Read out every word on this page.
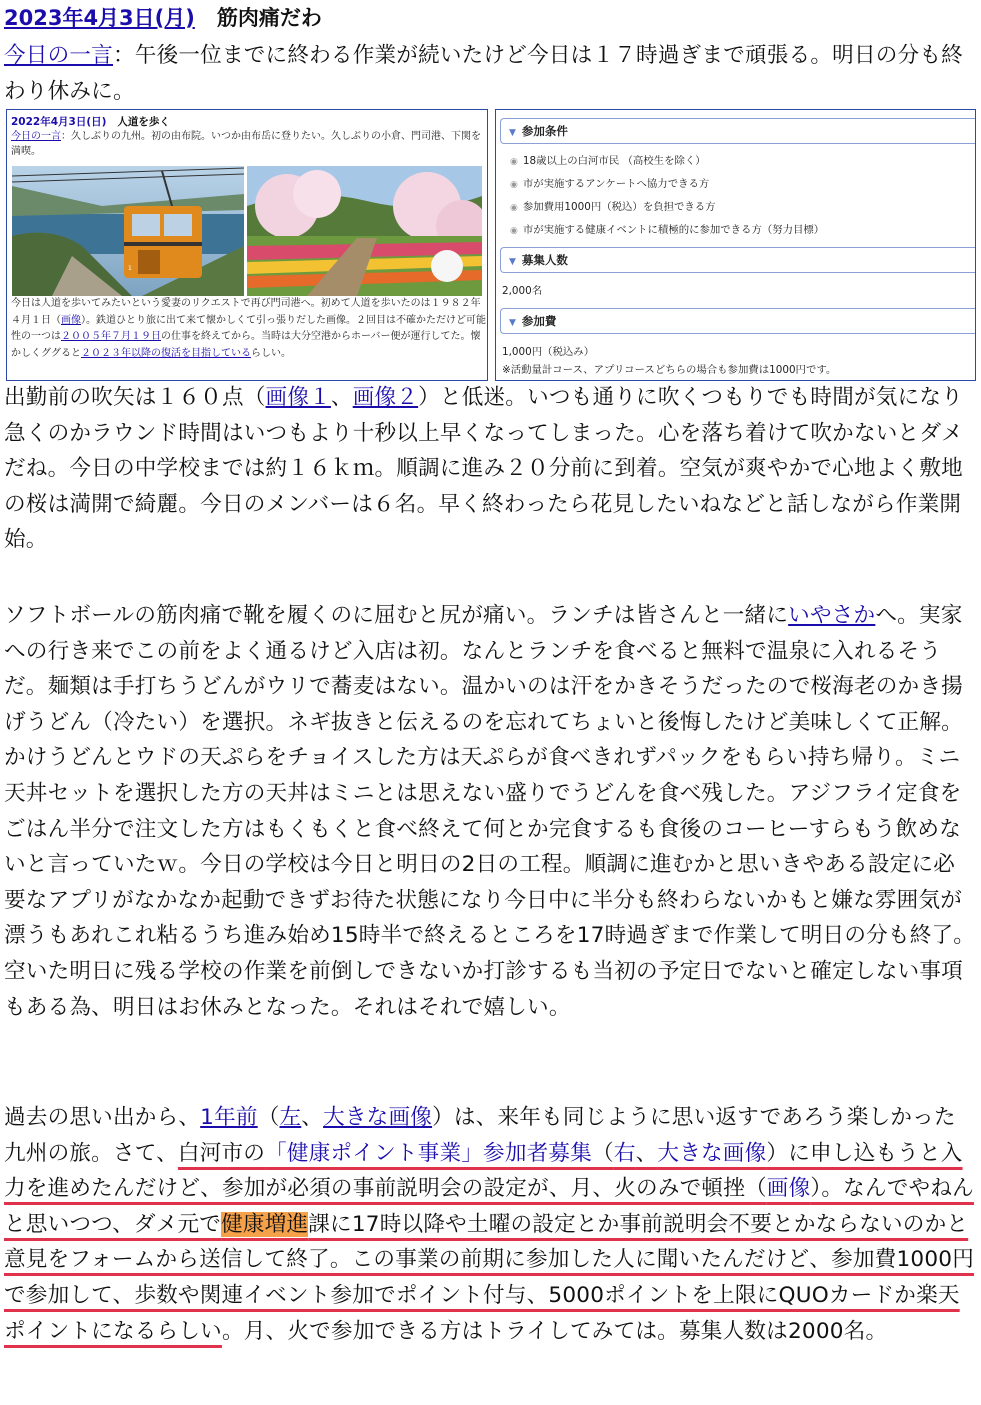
2023年4月3日(月) 筋肉痛だわ
今日の一言：午後一位までに終わる作業が続いたけど今日は１７時過ぎまで頑張る。明日の分も終わり休みに。
2022年4月3日(日) 人道を歩く
今日の一言：久しぶりの九州。初の由布院。いつか由布岳に登りたい。久しぶりの小倉、門司港、下関を満喫。
1
今日は人道を歩いてみたいという愛妻のリクエストで再び門司港へ。初めて人道を歩いたのは１９８２年４月１日（画像）。鉄道ひとり旅に出て来て懐かしくて引っ張りだした画像。２回目は不確かただけど可能性の一つは２００５年７月１９日の仕事を終えてから。当時は大分空港からホーバー便が運行してた。懐かしくググると２０２３年以降の復活を目指しているらしい。
▼ 参加条件
◉ 18歳以上の白河市民 （高校生を除く）
◉ 市が実施するアンケートへ協力できる方
◉ 参加費用1000円（税込）を負担できる方
◉ 市が実施する健康イベントに積極的に参加できる方（努力目標）
▼ 募集人数
2,000名
▼ 参加費
1,000円（税込み）
※活動量計コース、アプリコースどちらの場合も参加費は1000円です。
出勤前の吹矢は１６０点（画像１、画像２）と低迷。いつも通りに吹くつもりでも時間が気になり急くのかラウンド時間はいつもより十秒以上早くなってしまった。心を落ち着けて吹かないとダメだね。今日の中学校までは約１６ｋｍ。順調に進み２０分前に到着。空気が爽やかで心地よく敷地の桜は満開で綺麗。今日のメンバーは６名。早く終わったら花見したいねなどと話しながら作業開始。
ソフトボールの筋肉痛で靴を履くのに屈むと尻が痛い。ランチは皆さんと一緒にいやさかへ。実家への行き来でこの前をよく通るけど入店は初。なんとランチを食べると無料で温泉に入れるそうだ。麺類は手打ちうどんがウリで蕎麦はない。温かいのは汗をかきそうだったので桜海老のかき揚げうどん（冷たい）を選択。ネギ抜きと伝えるのを忘れてちょいと後悔したけど美味しくて正解。かけうどんとウドの天ぷらをチョイスした方は天ぷらが食べきれずパックをもらい持ち帰り。ミニ天丼セットを選択した方の天丼はミニとは思えない盛りでうどんを食べ残した。アジフライ定食をごはん半分で注文した方はもくもくと食べ終えて何とか完食するも食後のコーヒーすらもう飲めないと言っていたｗ。今日の学校は今日と明日の2日の工程。順調に進むかと思いきやある設定に必要なアプリがなかなか起動できずお待た状態になり今日中に半分も終わらないかもと嫌な雰囲気が漂うもあれこれ粘るうち進み始め15時半で終えるところを17時過ぎまで作業して明日の分も終了。空いた明日に残る学校の作業を前倒しできないか打診するも当初の予定日でないと確定しない事項もある為、明日はお休みとなった。それはそれで嬉しい。
過去の思い出から、1年前（左、大きな画像）は、来年も同じように思い返すであろう楽しかった九州の旅。さて、白河市の「健康ポイント事業」参加者募集（右、大きな画像）に申し込もうと入力を進めたんだけど、参加が必須の事前説明会の設定が、月、火のみで頓挫（画像）。なんでやねんと思いつつ、ダメ元で健康増進課に17時以降や土曜の設定とか事前説明会不要とかならないのかと意見をフォームから送信して終了。この事業の前期に参加した人に聞いたんだけど、参加費1000円で参加して、歩数や関連イベント参加でポイント付与、5000ポイントを上限にQUOカードか楽天ポイントになるらしい。月、火で参加できる方はトライしてみては。募集人数は2000名。
